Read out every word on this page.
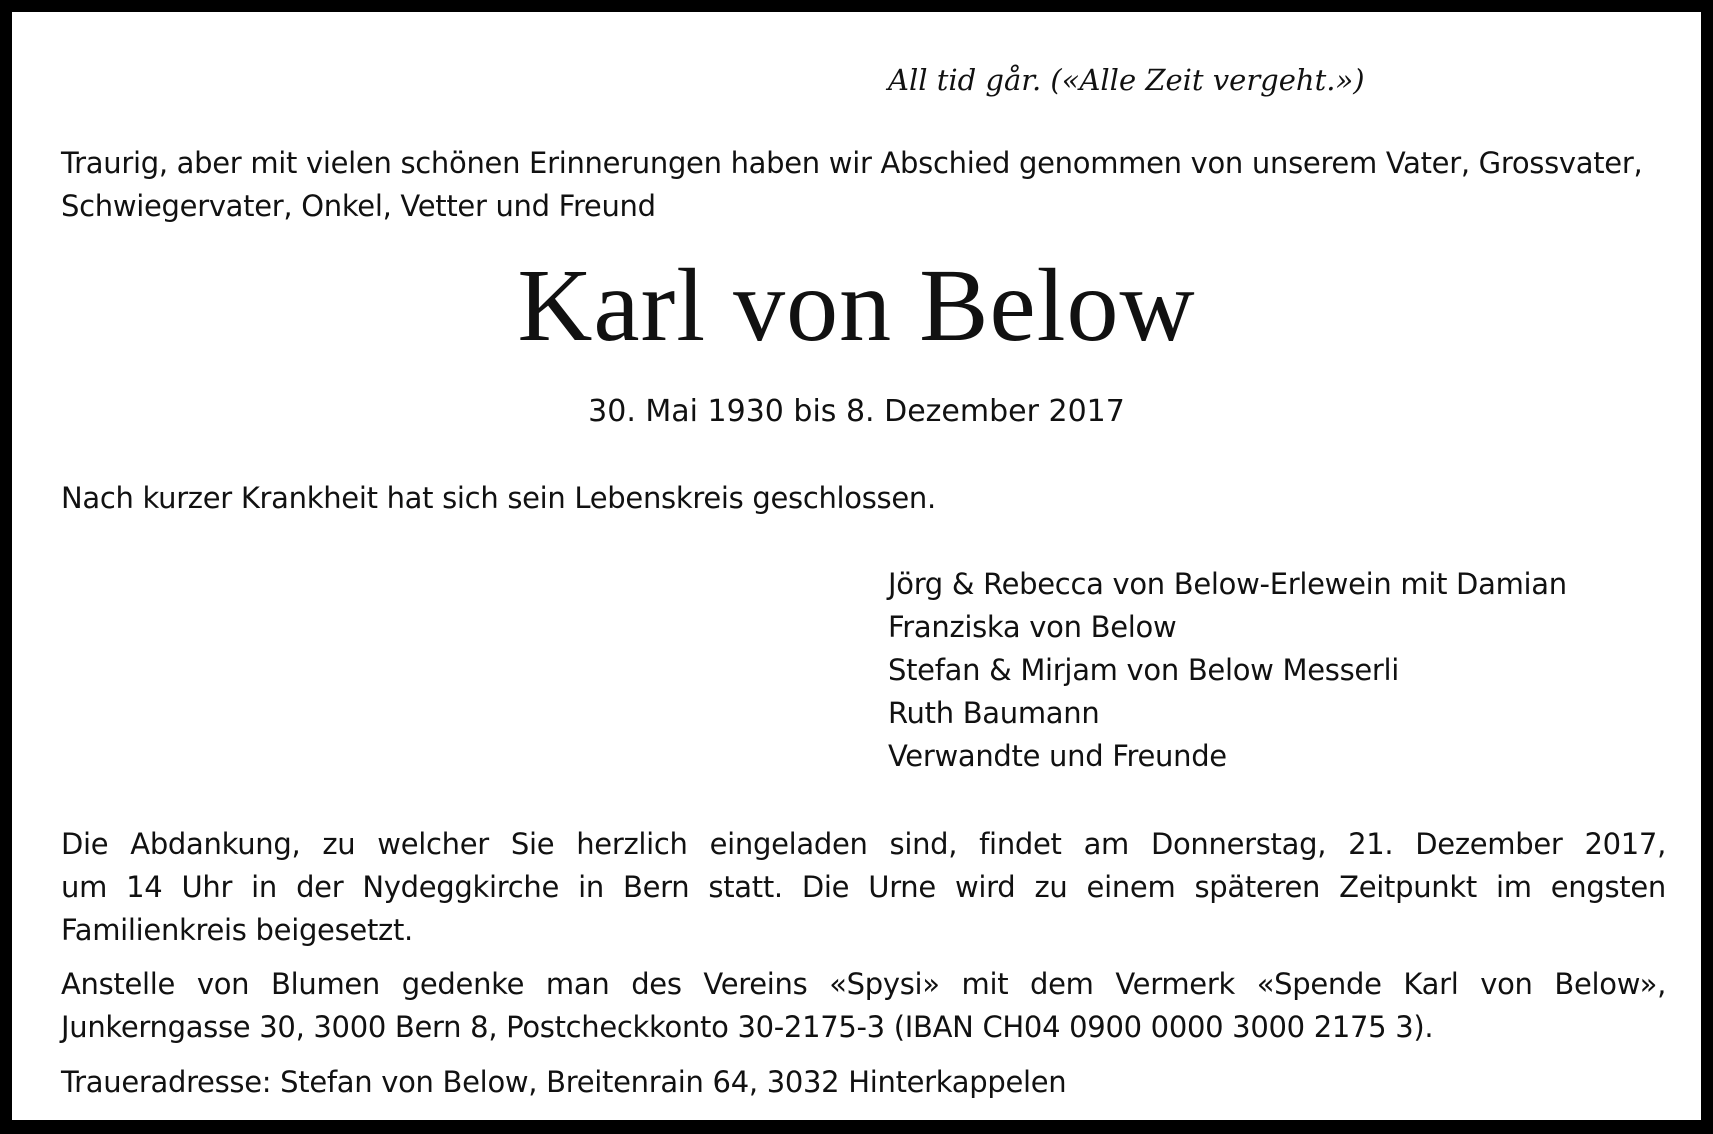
All tid går. («Alle Zeit vergeht.»)

Traurig, aber mit vielen schönen Erinnerungen haben wir Abschied genommen von unserem Vater, Grossvater,

Schwiegervater, Onkel, Vetter und Freund

Karl von Below
30. Mai 1930 bis 8. Dezember 2017
Nach kurzer Krankheit hat sich sein Lebenskreis geschlossen.
Jörg & Rebecca von Below-Erlewein mit Damian
Franziska von Below
Stefan & Mirjam von Below Messerli
Ruth Baumann
Verwandte und Freunde

Die Abdankung, zu welcher Sie herzlich eingeladen sind, findet am Donnerstag, 21. Dezember 2017,

um 14 Uhr in der Nydeggkirche in Bern statt. Die Urne wird zu einem späteren Zeitpunkt im engsten

Familienkreis beigesetzt.

Anstelle von Blumen gedenke man des Vereins «Spysi» mit dem Vermerk «Spende Karl von Below»,

Junkerngasse 30, 3000 Bern 8, Postcheckkonto 30-2175-3 (IBAN CH04 0900 0000 3000 2175 3).

Traueradresse: Stefan von Below, Breitenrain 64, 3032 Hinterkappelen
